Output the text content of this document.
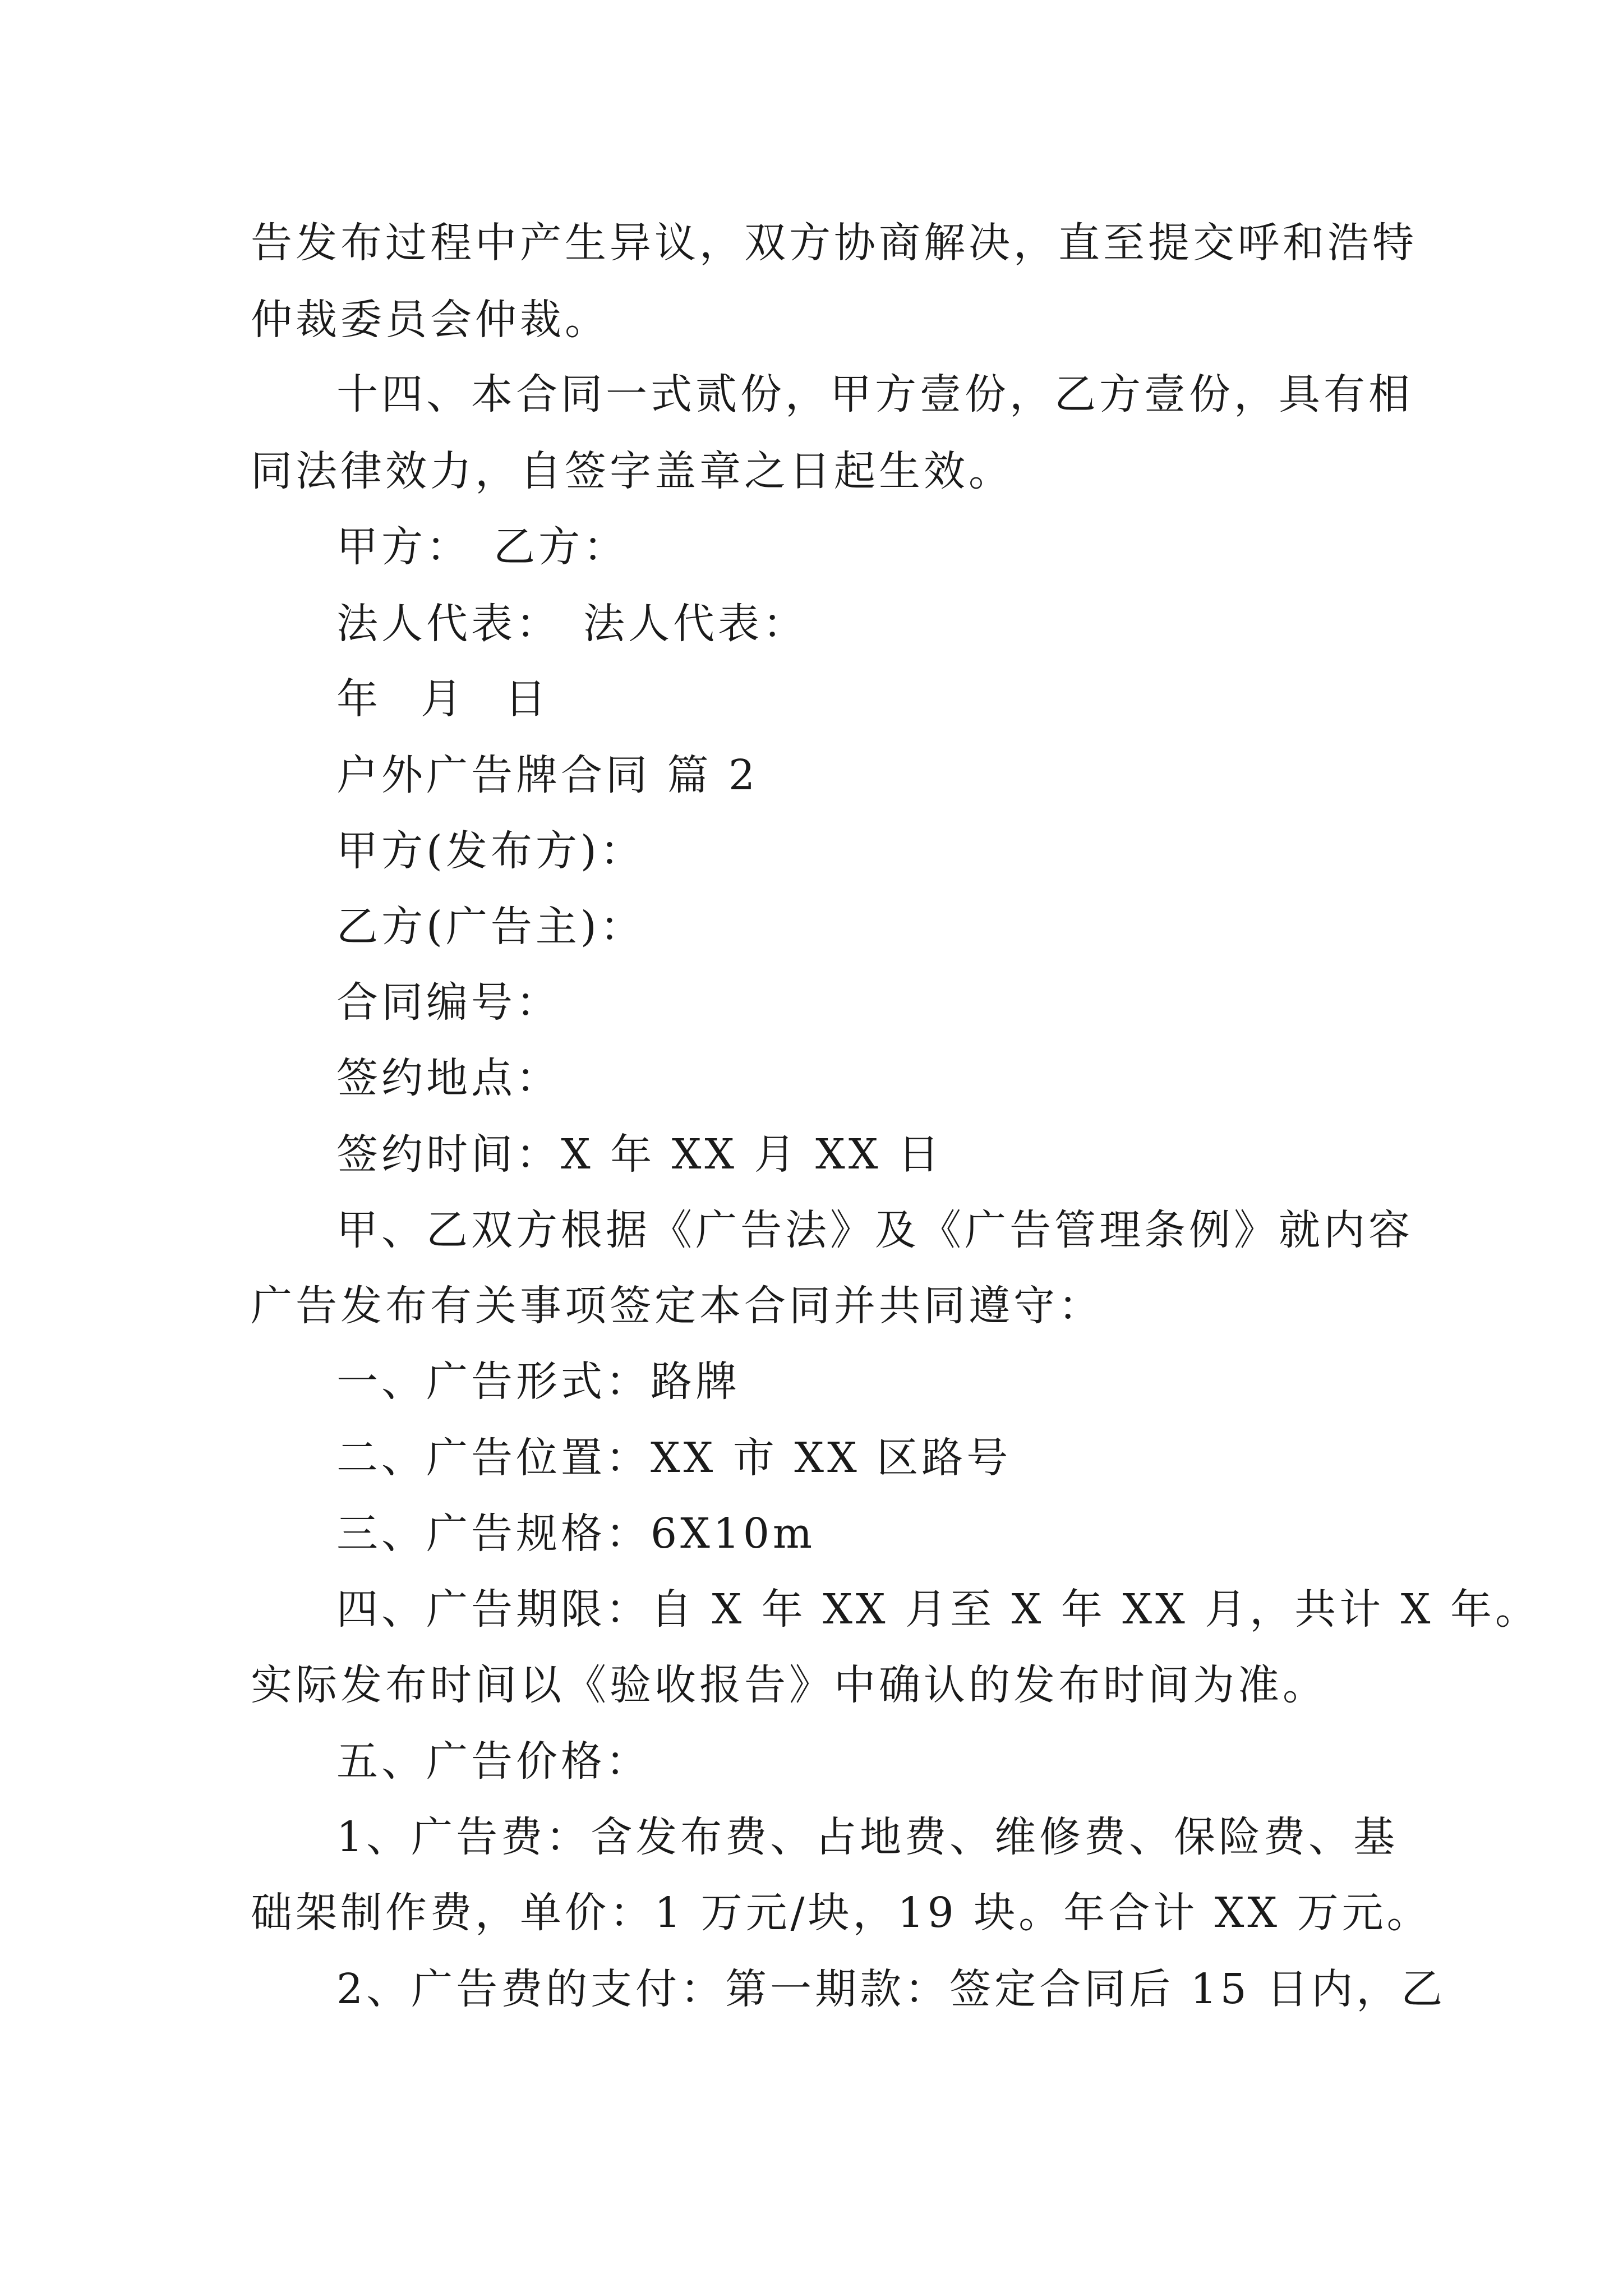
告发布过程中产生异议，双方协商解决，直至提交呼和浩特
仲裁委员会仲裁。
十四、本合同一式贰份，甲方壹份，乙方壹份，具有相
同法律效力，自签字盖章之日起生效。
甲方： 乙方：
法人代表： 法人代表：
年 月 日
户外广告牌合同 篇 2
甲方(发布方)：
乙方(广告主)：
合同编号：
签约地点：
签约时间：X 年 XX 月 XX 日
甲、乙双方根据《广告法》及《广告管理条例》就内容
广告发布有关事项签定本合同并共同遵守：
一、广告形式：路牌
二、广告位置：XX 市 XX 区路号
三、广告规格：6X10m
四、广告期限：自 X 年 XX 月至 X 年 XX 月，共计 X 年。
实际发布时间以《验收报告》中确认的发布时间为准。
五、广告价格：
1、广告费：含发布费、占地费、维修费、保险费、基
础架制作费，单价：1 万元/块，19 块。年合计 XX 万元。
2、广告费的支付：第一期款：签定合同后 15 日内，乙
